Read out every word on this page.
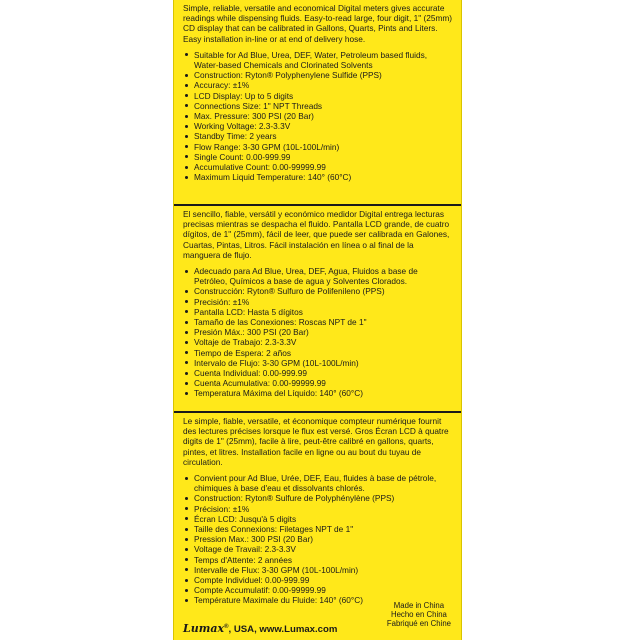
Simple, reliable, versatile and economical Digital meters gives accurate readings while dispensing fluids. Easy-to-read large, four digit, 1" (25mm) CD display that can be calibrated in Gallons, Quarts, Pints and Liters. Easy installation in-line or at end of delivery hose.

Suitable for Ad Blue, Urea, DEF, Water, Petroleum based fluids, Water-based Chemicals and Clorinated Solvents
Construction: Ryton® Polyphenylene Sulfide (PPS)
Accuracy: ±1%
LCD Display: Up to 5 digits
Connections Size: 1" NPT Threads
Max. Pressure: 300 PSI (20 Bar)
Working Voltage: 2.3-3.3V
Standby Time: 2 years
Flow Range: 3-30 GPM (10L-100L/min)
Single Count: 0.00-999.99
Accumulative Count: 0.00-99999.99
Maximum Liquid Temperature: 140° (60°C)

El sencillo, fiable, versátil y económico medidor Digital entrega lecturas precisas mientras se despacha el fluido. Pantalla LCD grande, de cuatro dígitos, de 1" (25mm), fácil de leer, que puede ser calibrada en Galones, Cuartas, Pintas, Litros. Fácil instalación en línea o al final de la manguera de flujo.

Adecuado para Ad Blue, Urea, DEF, Agua, Fluidos a base de Petróleo, Químicos a base de agua y Solventes Clorados.
Construcción: Ryton® Sulfuro de Polifenileno (PPS)
Precisión: ±1%
Pantalla LCD: Hasta 5 dígitos
Tamaño de las Conexiones: Roscas NPT de 1"
Presión Máx.: 300 PSI (20 Bar)
Voltaje de Trabajo: 2.3-3.3V
Tiempo de Espera: 2 años
Intervalo de Flujo: 3-30 GPM (10L-100L/min)
Cuenta Individual: 0.00-999.99
Cuenta Acumulativa: 0.00-99999.99
Temperatura Máxima del Líquido: 140° (60°C)

Le simple, fiable, versatile, et économique compteur numérique fournit des lectures précises lorsque le flux est versé. Gros Écran LCD à quatre digits de 1" (25mm), facile à lire, peut-être calibré en gallons, quarts, pintes, et litres. Installation facile en ligne ou au bout du tuyau de circulation.

Convient pour Ad Blue, Urée, DEF, Eau, fluides à base de pétrole, chimiques à base d'eau et dissolvants chlorés.
Construction: Ryton® Sulfure de Polyphénylène (PPS)
Précision: ±1%
Écran LCD: Jusqu'à 5 digits
Taille des Connexions: Filetages NPT de 1"
Pression Max.: 300 PSI (20 Bar)
Voltage de Travail: 2.3-3.3V
Temps d'Attente: 2 années
Intervalle de Flux: 3-30 GPM (10L-100L/min)
Compte Individuel: 0.00-999.99
Compte Accumulatif: 0.00-99999.99
Température Maximale du Fluide: 140° (60°C)
Made in China
Hecho en China
Fabriqué en Chine
Lumax®, USA, www.Lumax.com
